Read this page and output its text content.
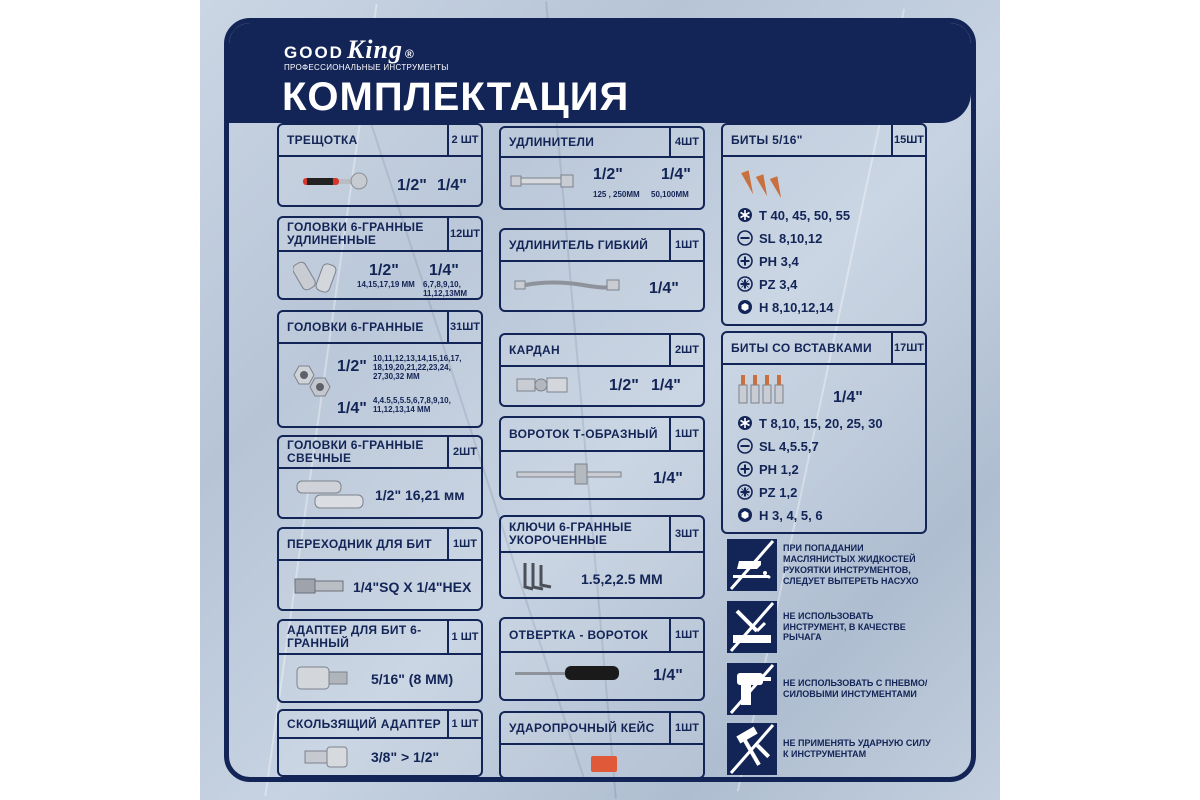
GOOD King ®
ПРОФЕССИОНАЛЬНЫЕ ИНСТРУМЕНТЫ
КОМПЛЕКТАЦИЯ
ТРЕЩОТКА	2 ШТ
1/2" 1/4"
ГОЛОВКИ 6-ГРАННЫЕ УДЛИНЕННЫЕ	12ШТ
1/2"
14,15,17,19 ММ
1/4"
6,7,8,9,10, 11,12,13ММ
ГОЛОВКИ 6-ГРАННЫЕ 31ШТ
1/2" 10,11,12,13,14,15,16,17, 18,19,20,21,22,23,24, 27,30,32 ММ
1/4" 4,4.5,5,5.5,6,7,8,9,10, 11,12,13,14 ММ
ГОЛОВКИ 6-ГРАННЫЕ СВЕЧНЫЕ	2ШТ
1/2" 16,21 мм
ПЕРЕХОДНИК ДЛЯ БИТ	1ШТ
1/4"SQ X 1/4"HEX
АДАПТЕР ДЛЯ БИТ 6-ГРАННЫЙ	1 ШТ
5/16" (8 ММ)
СКОЛЬЗЯЩИЙ АДАПТЕР 1 ШТ
3/8" > 1/2"
УДЛИНИТЕЛИ	4ШТ
1/2"
125 , 250ММ
1/4"
50,100ММ
УДЛИНИТЕЛЬ ГИБКИЙ	1ШТ
1/4"
КАРДАН	2ШТ
1/2" 1/4"
ВОРОТОК Т-ОБРАЗНЫЙ	1ШТ
1/4"
КЛЮЧИ 6-ГРАННЫЕ УКОРОЧЕННЫЕ	3ШТ
1.5,2,2.5 ММ
ОТВЕРТКА - ВОРОТОК	1ШТ
1/4"
УДАРОПРОЧНЫЙ КЕЙС	1ШТ
БИТЫ 5/16"	15ШТ
T 40, 45, 50, 55
SL 8,10,12
PH 3,4
PZ 3,4
H 8,10,12,14
БИТЫ СО ВСТАВКАМИ 17ШТ
1/4"
T 8,10, 15, 20, 25, 30
SL 4,5.5,7
PH 1,2
PZ 1,2
H 3, 4, 5, 6
ПРИ ПОПАДАНИИ МАСЛЯНИСТЫХ ЖИДКОСТЕЙ РУКОЯТКИ ИНСТРУМЕНТОВ, СЛЕДУЕТ ВЫТЕРЕТЬ НАСУХО
НЕ ИСПОЛЬЗОВАТЬ ИНСТРУМЕНТ, В КАЧЕСТВЕ РЫЧАГА
НЕ ИСПОЛЬЗОВАТЬ С ПНЕВМО/СИЛОВЫМИ ИНСТУМЕНТАМИ
НЕ ПРИМЕНЯТЬ УДАРНУЮ СИЛУ К ИНСТРУМЕНТАМ
